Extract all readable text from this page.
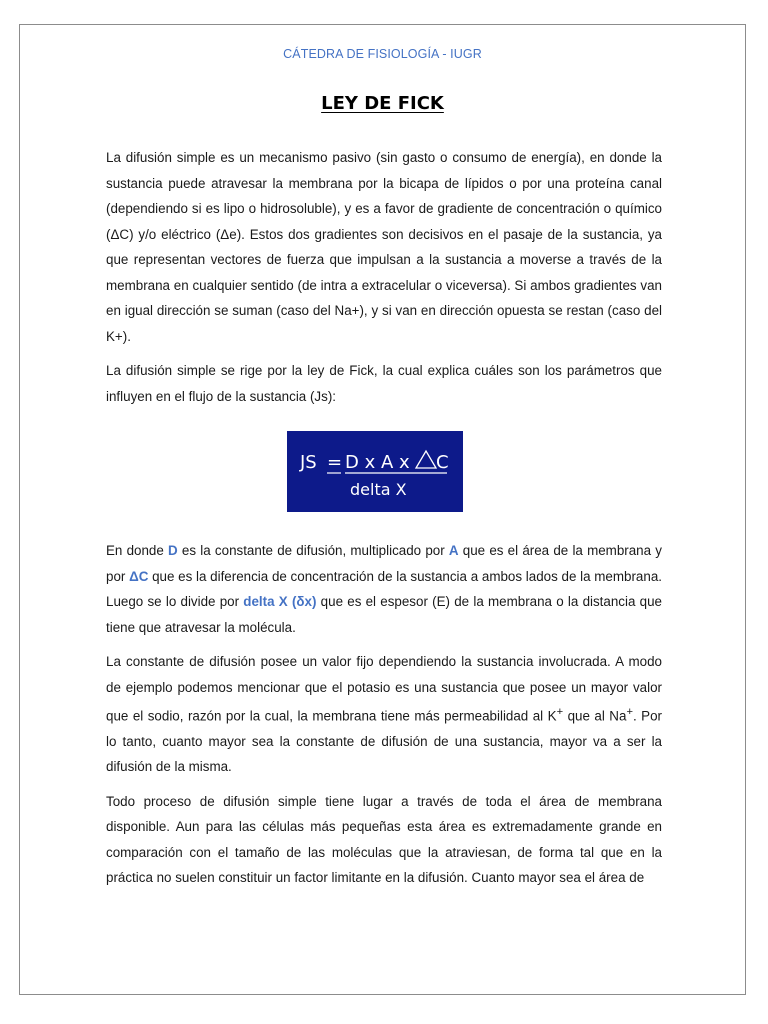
CÁTEDRA DE FISIOLOGÍA - IUGR
LEY DE FICK

La difusión simple es un mecanismo pasivo (sin gasto o consumo de energía), en donde la sustancia puede atravesar la membrana por la bicapa de lípidos o por una proteína canal (dependiendo si es lipo o hidrosoluble), y es a favor de gradiente de concentración o químico (ΔC) y/o eléctrico (Δe). Estos dos gradientes son decisivos en el pasaje de la sustancia, ya que representan vectores de fuerza que impulsan a la sustancia a moverse a través de la membrana en cualquier sentido (de intra a extracelular o viceversa). Si ambos gradientes van en igual dirección se suman (caso del Na+), y si van en dirección opuesta se restan (caso del K+).

La difusión simple se rige por la ley de Fick, la cual explica cuáles son los parámetros que influyen en el flujo de la sustancia (Js):

JS = D x A x C
delta X

En donde D es la constante de difusión, multiplicado por A que es el área de la membrana y por ΔC que es la diferencia de concentración de la sustancia a ambos lados de la membrana. Luego se lo divide por delta X (δx) que es el espesor (E) de la membrana o la distancia que tiene que atravesar la molécula.

La constante de difusión posee un valor fijo dependiendo la sustancia involucrada. A modo de ejemplo podemos mencionar que el potasio es una sustancia que posee un mayor valor que el sodio, razón por la cual, la membrana tiene más permeabilidad al K+ que al Na+. Por lo tanto, cuanto mayor sea la constante de difusión de una sustancia, mayor va a ser la difusión de la misma.

Todo proceso de difusión simple tiene lugar a través de toda el área de membrana disponible. Aun para las células más pequeñas esta área es extremadamente grande en comparación con el tamaño de las moléculas que la atraviesan, de forma tal que en la práctica no suelen constituir un factor limitante en la difusión. Cuanto mayor sea el área de
